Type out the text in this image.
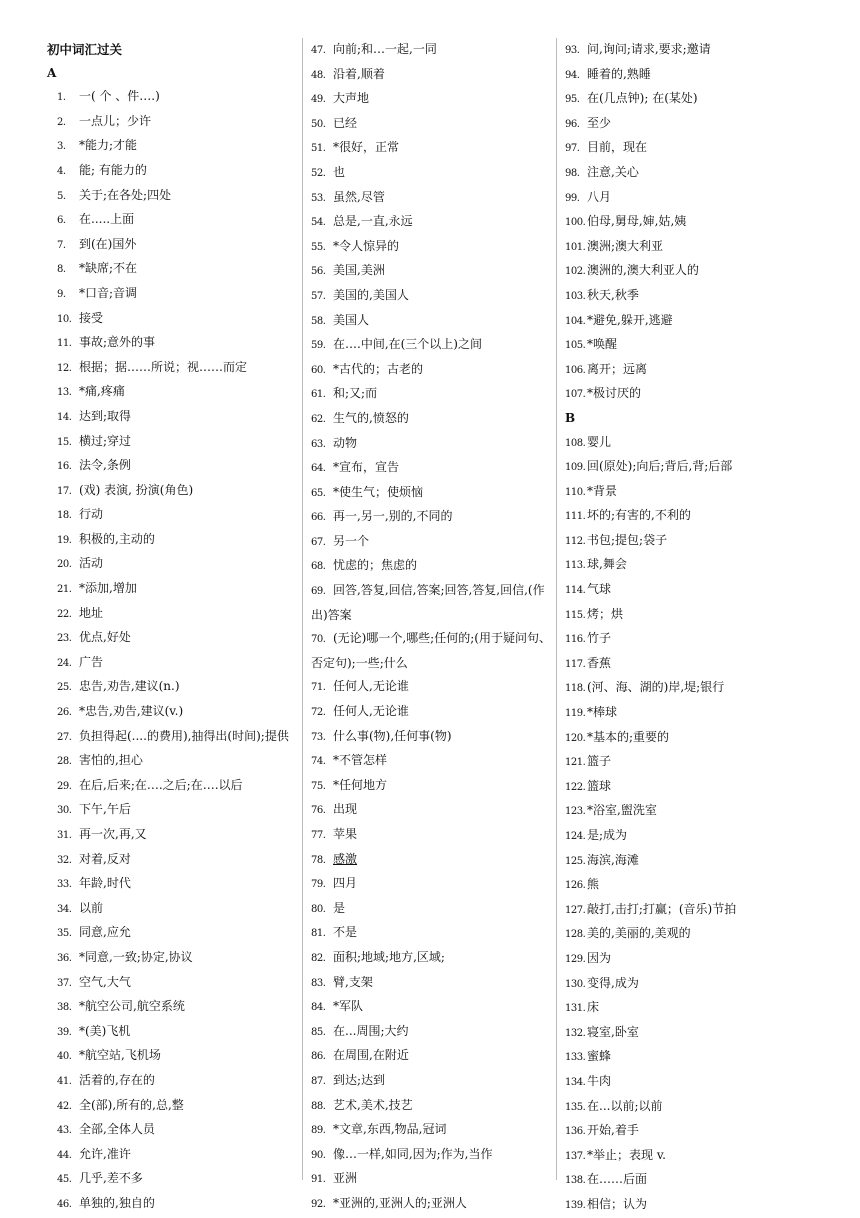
初中词汇过关
A
1. 一( 个 、件….)
2. 一点儿；少许
3. *能力;才能
4. 能; 有能力的
5. 关于;在各处;四处
6. 在.....上面
7. 到(在)国外
8. *缺席;不在
9. *口音;音调
10. 接受
11. 事故;意外的事
12. 根据；据……所说；视……而定
13. *痛,疼痛
14. 达到;取得
15. 横过;穿过
16. 法令,条例
17. (戏) 表演, 扮演(角色)
18. 行动
19. 积极的,主动的
20. 活动
21. *添加,增加
22. 地址
23. 优点,好处
24. 广告
25. 忠告,劝告,建议(n.)
26. *忠告,劝告,建议(v.)
27. 负担得起(....的费用),抽得出(时间);提供
28. 害怕的,担心
29. 在后,后来;在….之后;在….以后
30. 下午,午后
31. 再一次,再,又
32. 对着,反对
33. 年龄,时代
34. 以前
35. 同意,应允
36. *同意,一致;协定,协议
37. 空气,大气
38. *航空公司,航空系统
39. *(美)飞机
40. *航空站,飞机场
41. 活着的,存在的
42. 全(部),所有的,总,整
43. 全部,全体人员
44. 允许,准许
45. 几乎,差不多
46. 单独的,独自的
47. 向前;和…一起,一同
48. 沿着,顺着
49. 大声地
50. 已经
51. *很好，正常
52. 也
53. 虽然,尽管
54. 总是,一直,永远
55. *令人惊异的
56. 美国,美洲
57. 美国的,美国人
58. 美国人
59. 在….中间,在(三个以上)之间
60. *古代的；古老的
61. 和;又;而
62. 生气的,愤怒的
63. 动物
64. *宣布，宣告
65. *使生气；使烦恼
66. 再一,另一,别的,不同的
67. 另一个
68. 忧虑的；焦虑的
69. 回答,答复,回信,答案;回答,答复,回信,(作出)答案
70. (无论)哪一个,哪些;任何的;(用于疑问句、否定句);一些;什么
71. 任何人,无论谁
72. 任何人,无论谁
73. 什么事(物),任何事(物)
74. *不管怎样
75. *任何地方
76. 出现
77. 苹果
78. 感激
79. 四月
80. 是
81. 不是
82. 面积;地域;地方,区域;
83. 臂,支架
84. *军队
85. 在...周围;大约
86. 在周围,在附近
87. 到达;达到
88. 艺术,美术,技艺
89. *文章,东西,物品,冠词
90. 像…一样,如同,因为;作为,当作
91. 亚洲
92. *亚洲的,亚洲人的;亚洲人
93. 问,询问;请求,要求;邀请
94. 睡着的,熟睡
95. 在(几点钟); 在(某处)
96. 至少
97. 目前，现在
98. 注意,关心
99. 八月
100. 伯母,舅母,婶,姑,姨
101. 澳洲;澳大利亚
102. 澳洲的,澳大利亚人的
103. 秋天,秋季
104. *避免,躲开,逃避
105. *唤醒
106. 离开；远离
107. *极讨厌的
B
108. 婴儿
109. 回(原处);向后;背后,背;后部
110. *背景
111. 坏的;有害的,不利的
112. 书包;提包;袋子
113. 球,舞会
114. 气球
115. 烤；烘
116. 竹子
117. 香蕉
118. (河、海、湖的)岸,堤;银行
119. *棒球
120. *基本的;重要的
121. 篮子
122. 篮球
123. *浴室,盥洗室
124. 是;成为
125. 海滨,海滩
126. 熊
127. 敲打,击打;打赢；(音乐)节拍
128. 美的,美丽的,美观的
129. 因为
130. 变得,成为
131. 床
132. 寝室,卧室
133. 蜜蜂
134. 牛肉
135. 在...以前;以前
136. 开始,着手
137. *举止；表现 v.
138. 在……后面
139. 相信；认为
